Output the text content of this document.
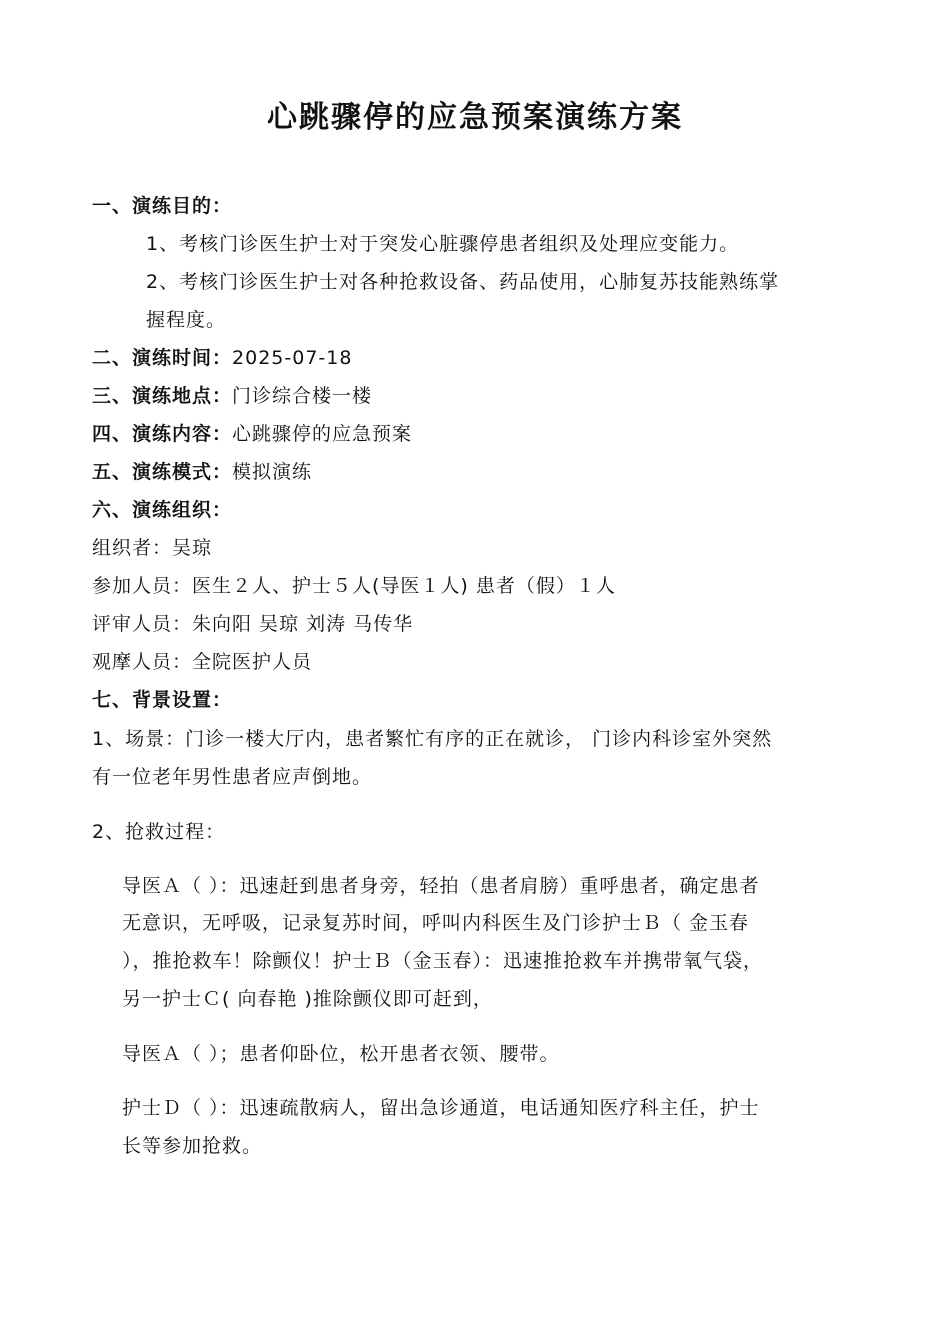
心跳骤停的应急预案演练方案
一、演练目的：
1、考核门诊医生护士对于突发心脏骤停患者组织及处理应变能力。
2、考核门诊医生护士对各种抢救设备、药品使用，心肺复苏技能熟练掌
握程度。
二、演练时间：2025-07-18
三、演练地点：门诊综合楼一楼
四、演练内容：心跳骤停的应急预案
五、演练模式：模拟演练
六、演练组织：
组织者：吴琼
参加人员：医生２人、护士５人(导医１人) 患者（假）１人
评审人员：朱向阳 吴琼 刘涛 马传华
观摩人员：全院医护人员
七、背景设置：
1、场景：门诊一楼大厅内，患者繁忙有序的正在就诊， 门诊内科诊室外突然
有一位老年男性患者应声倒地。
2、抢救过程：
导医Ａ（ ）：迅速赶到患者身旁，轻拍（患者肩膀）重呼患者，确定患者
无意识，无呼吸，记录复苏时间，呼叫内科医生及门诊护士Ｂ（ 金玉春
），推抢救车！除颤仪！护士Ｂ（金玉春）：迅速推抢救车并携带氧气袋，
另一护士Ｃ( 向春艳 )推除颤仪即可赶到，
导医Ａ（ ）；患者仰卧位，松开患者衣领、腰带。
护士Ｄ（ ）：迅速疏散病人，留出急诊通道，电话通知医疗科主任，护士
长等参加抢救。
